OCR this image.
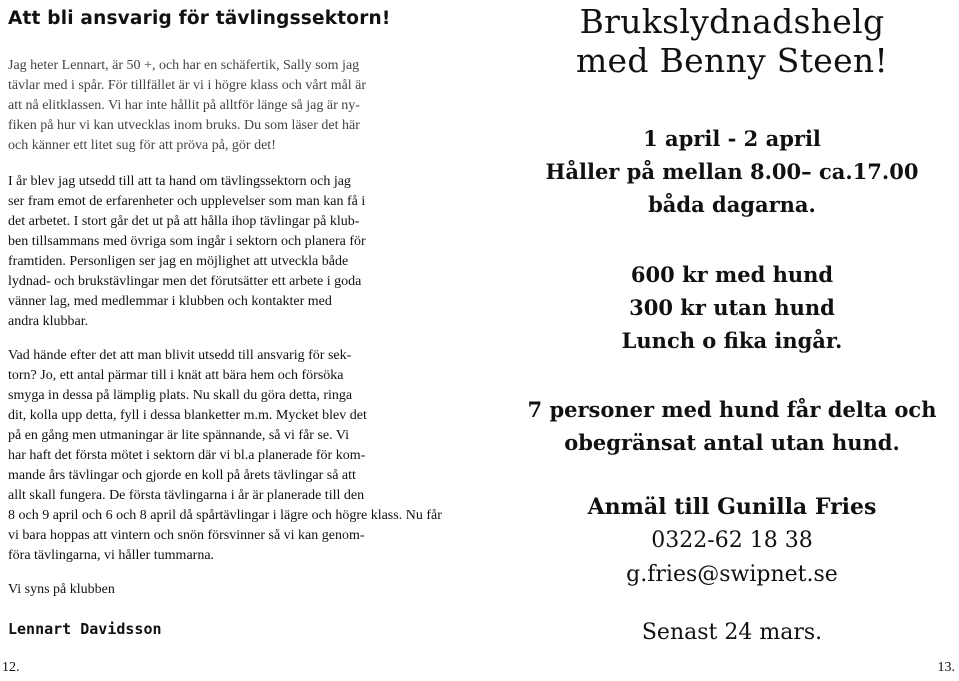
Att bli ansvarig för tävlingssektorn!
Jag heter Lennart, är 50 +, och har en schäfertik, Sally som jag
tävlar med i spår. För tillfället är vi i högre klass och vårt mål är
att nå elitklassen. Vi har inte hållit på alltför länge så jag är ny-
fiken på hur vi kan utvecklas inom bruks. Du som läser det här
och känner ett litet sug för att pröva på, gör det!
I år blev jag utsedd till att ta hand om tävlingssektorn och jag
ser fram emot de erfarenheter och upplevelser som man kan få i
det arbetet. I stort går det ut på att hålla ihop tävlingar på klub-
ben tillsammans med övriga som ingår i sektorn och planera för
framtiden. Personligen ser jag en möjlighet att utveckla både
lydnad- och brukstävlingar men det förutsätter ett arbete i goda
vänner lag, med medlemmar i klubben och kontakter med
andra klubbar.
Vad hände efter det att man blivit utsedd till ansvarig för sek-
torn? Jo, ett antal pärmar till i knät att bära hem och försöka
smyga in dessa på lämplig plats. Nu skall du göra detta, ringa
dit, kolla upp detta, fyll i dessa blanketter m.m. Mycket blev det
på en gång men utmaningar är lite spännande, så vi får se. Vi
har haft det första mötet i sektorn där vi bl.a planerade för kom-
mande års tävlingar och gjorde en koll på årets tävlingar så att
allt skall fungera. De första tävlingarna i år är planerade till den
8 och 9 april och 6 och 8 april då spårtävlingar i lägre och högre klass. Nu får
vi bara hoppas att vintern och snön försvinner så vi kan genom-
föra tävlingarna, vi håller tummarna.
Vi syns på klubben
Lennart Davidsson
12.
Brukslydnadshelg
med Benny Steen!
1 april - 2 april
Håller på mellan 8.00– ca.17.00
båda dagarna.
600 kr med hund
300 kr utan hund
Lunch o fika ingår.
7 personer med hund får delta och
obegränsat antal utan hund.
Anmäl till Gunilla Fries
0322-62 18 38
g.fries@swipnet.se
Senast 24 mars.
13.
